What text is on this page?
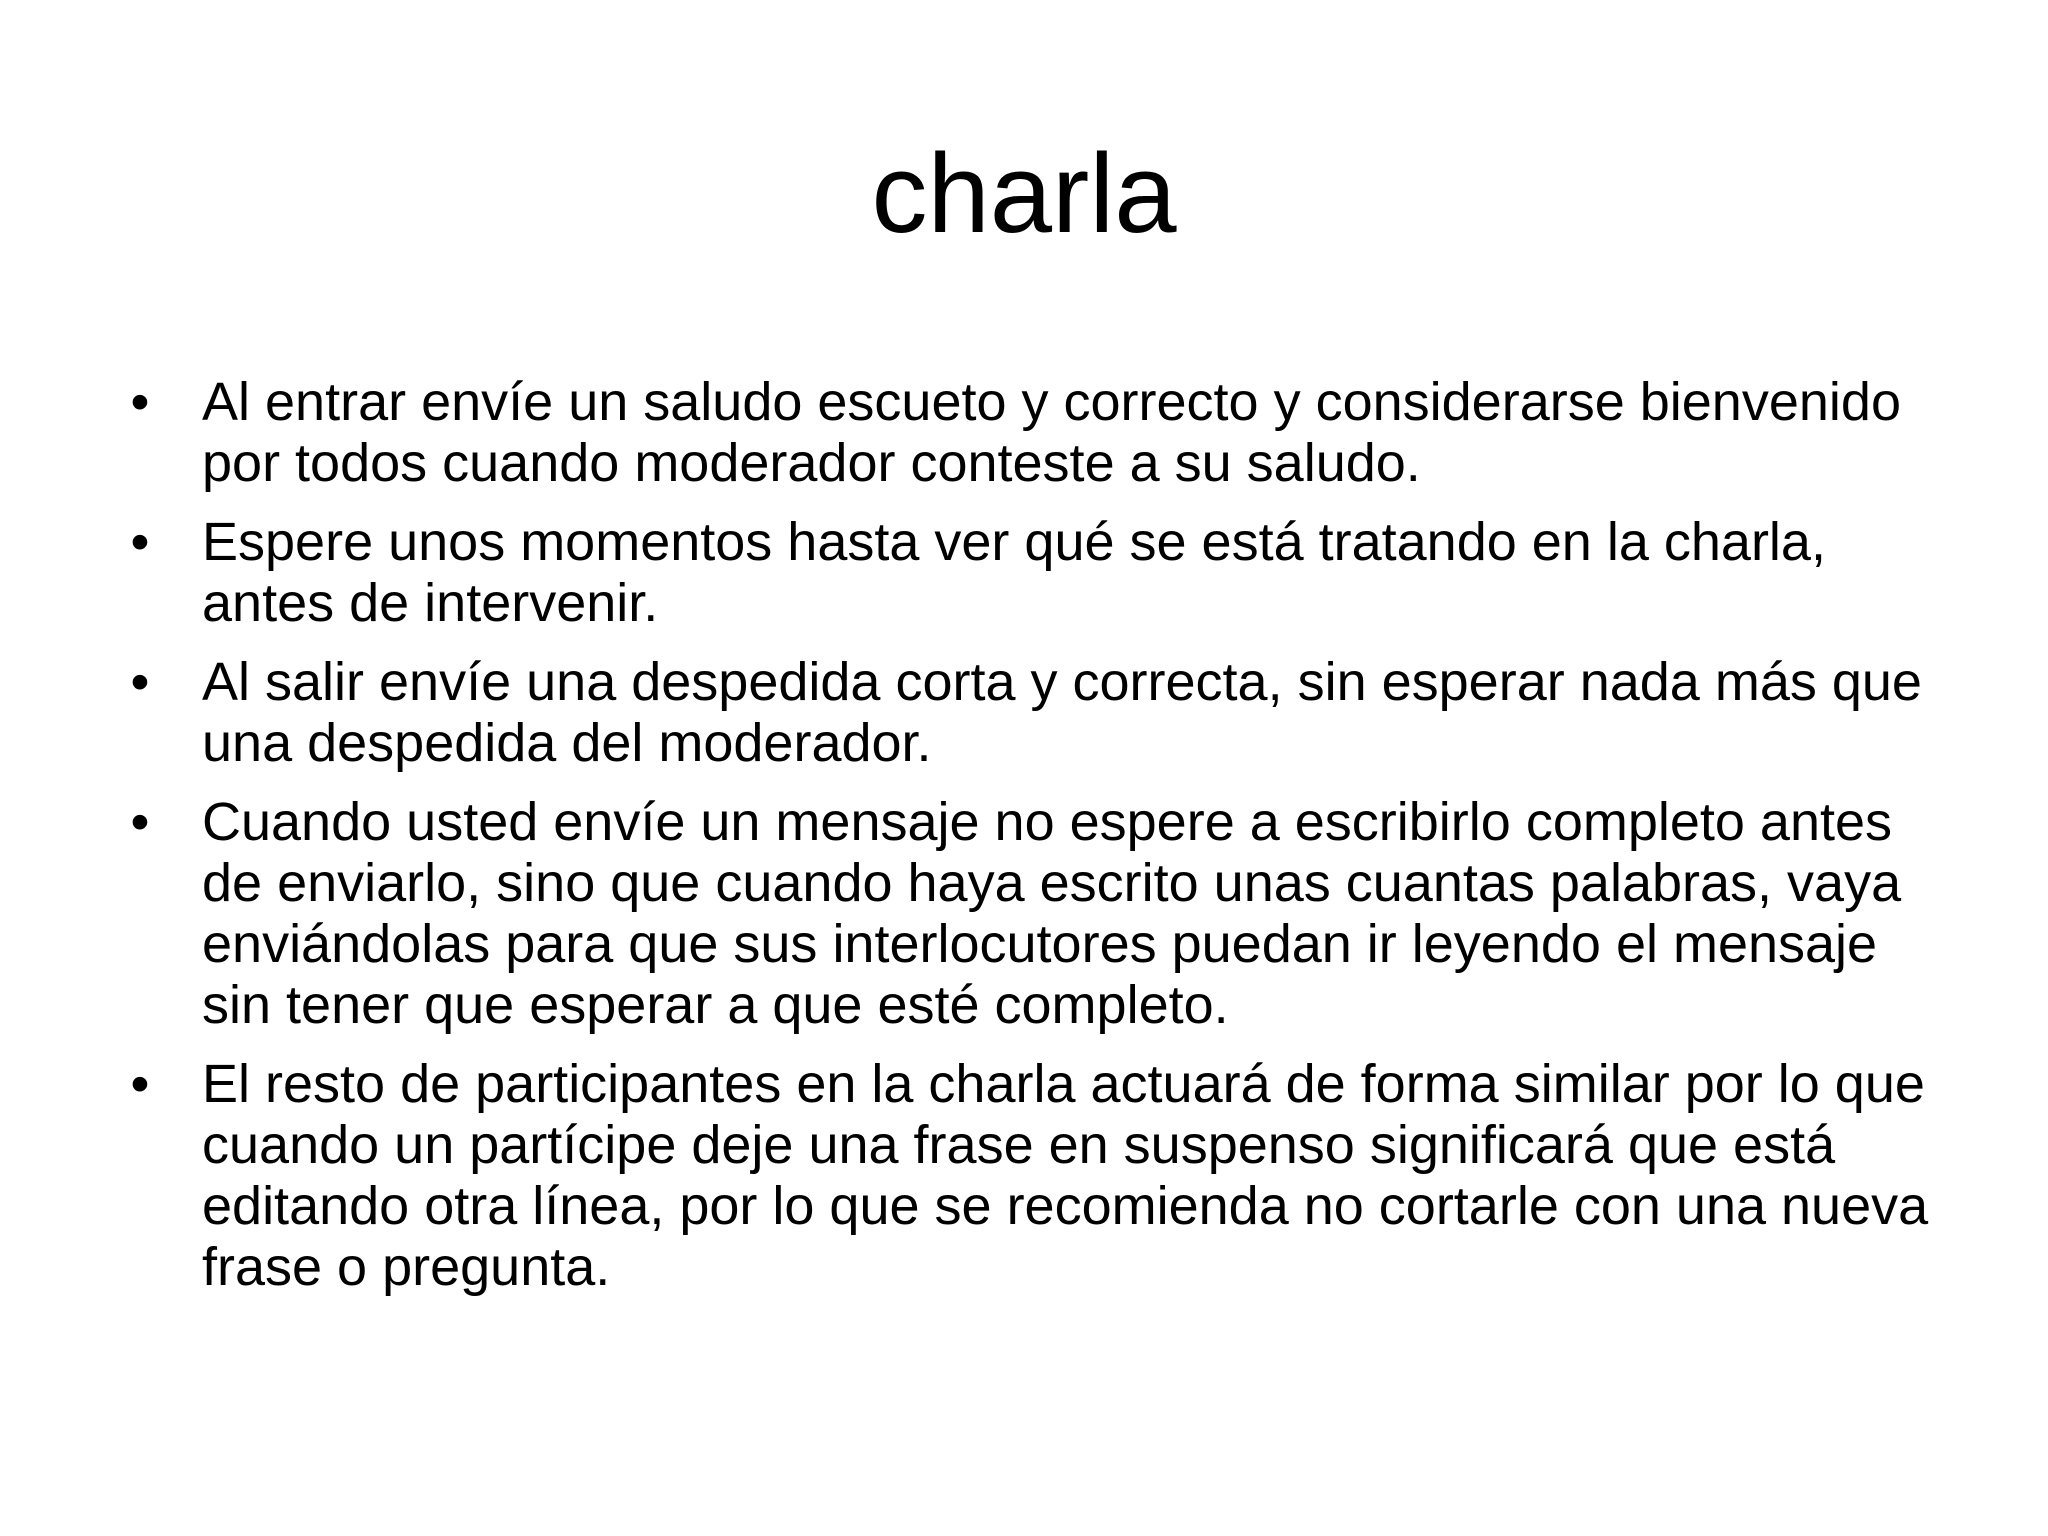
charla
• Al entrar envíe un saludo escueto y correcto y considerarse bienvenido por todos cuando moderador conteste a su saludo.
• Espere unos momentos hasta ver qué se está tratando en la charla, antes de intervenir.
• Al salir envíe una despedida corta y correcta, sin esperar nada más que una despedida del moderador.
• Cuando usted envíe un mensaje no espere a escribirlo completo antes de enviarlo, sino que cuando haya escrito unas cuantas palabras, vaya enviándolas para que sus interlocutores puedan ir leyendo el mensaje sin tener que esperar a que esté completo.
• El resto de participantes en la charla actuará de forma similar por lo que cuando un partícipe deje una frase en suspenso significará que está editando otra línea, por lo que se recomienda no cortarle con una nueva frase o pregunta.
